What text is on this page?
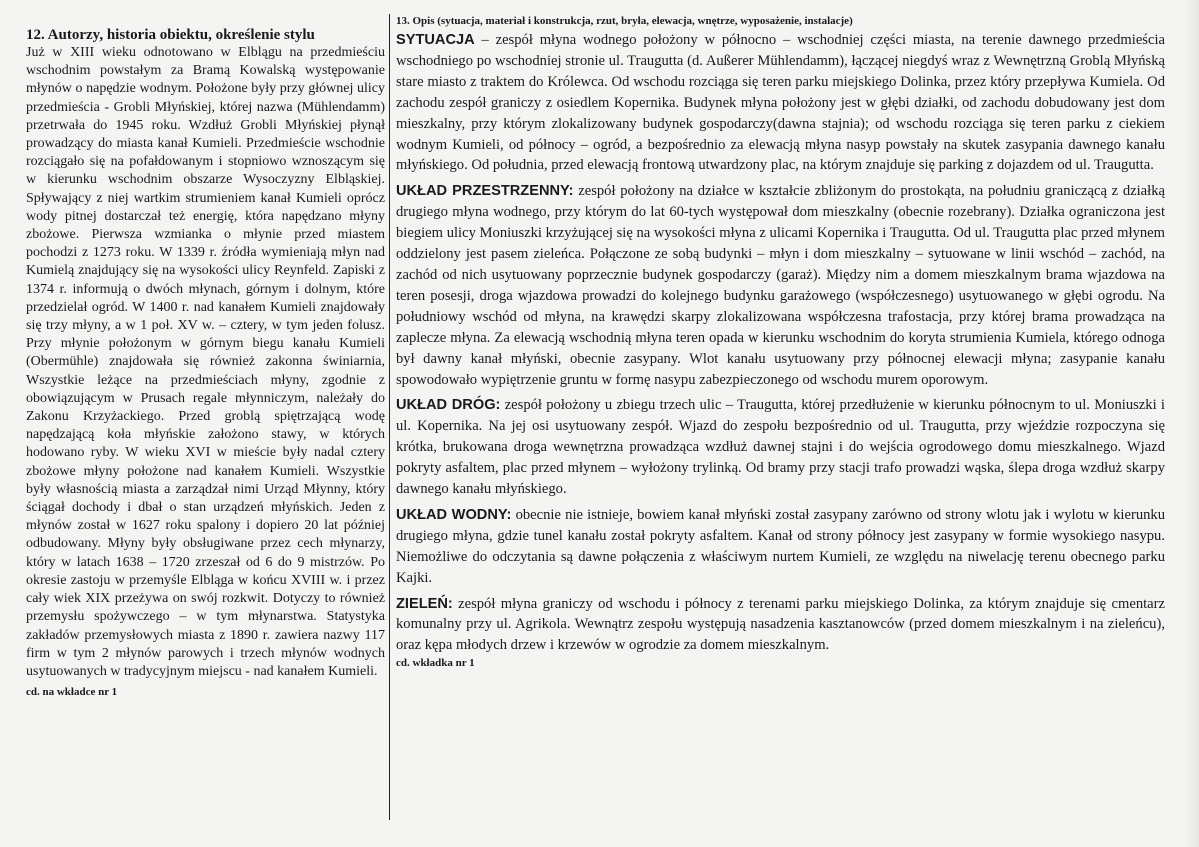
12. Autorzy, historia obiektu, określenie stylu
Już w XIII wieku odnotowano w Elblągu na przedmieściu wschodnim powstałym za Bramą Kowalską występowanie młynów o napędzie wodnym. Położone były przy głównej ulicy przedmieścia - Grobli Młyńskiej, której nazwa (Mühlendamm) przetrwała do 1945 roku. Wzdłuż Grobli Młyńskiej płynął prowadzący do miasta kanał Kumieli. Przedmieście wschodnie rozciągało się na pofałdowanym i stopniowo wznoszącym się w kierunku wschodnim obszarze Wysoczyzny Elbląskiej. Spływający z niej wartkim strumieniem kanał Kumieli oprócz wody pitnej dostarczał też energię, która napędzano młyny zbożowe. Pierwsza wzmianka o młynie przed miastem pochodzi z 1273 roku. W 1339 r. źródła wymieniają młyn nad Kumielą znajdujący się na wysokości ulicy Reynfeld. Zapiski z 1374 r. informują o dwóch młynach, górnym i dolnym, które przedzielał ogród. W 1400 r. nad kanałem Kumieli znajdowały się trzy młyny, a w 1 poł. XV w. – cztery, w tym jeden folusz. Przy młynie położonym w górnym biegu kanału Kumieli (Obermühle) znajdowała się również zakonna świniarnia, Wszystkie leżące na przedmieściach młyny, zgodnie z obowiązującym w Prusach regale młynniczym, należały do Zakonu Krzyżackiego. Przed groblą spiętrzającą wodę napędzającą koła młyńskie założono stawy, w których hodowano ryby. W wieku XVI w mieście były nadal cztery zbożowe młyny położone nad kanałem Kumieli. Wszystkie były własnością miasta a zarządzał nimi Urząd Młynny, który ściągał dochody i dbał o stan urządzeń młyńskich. Jeden z młynów został w 1627 roku spalony i dopiero 20 lat później odbudowany. Młyny były obsługiwane przez cech młynarzy, który w latach 1638 – 1720 zrzeszał od 6 do 9 mistrzów. Po okresie zastoju w przemyśle Elbląga w końcu XVIII w. i przez cały wiek XIX przeżywa on swój rozkwit. Dotyczy to również przemysłu spożywczego – w tym młynarstwa. Statystyka zakładów przemysłowych miasta z 1890 r. zawiera nazwy 117 firm w tym 2 młynów parowych i trzech młynów wodnych usytuowanych w tradycyjnym miejscu - nad kanałem Kumieli.
cd. na wkładce nr 1
13. Opis (sytuacja, materiał i konstrukcja, rzut, bryła, elewacja, wnętrze, wyposażenie, instalacje)

SYTUACJA – zespół młyna wodnego położony w północno – wschodniej części miasta, na terenie dawnego przedmieścia wschodniego po wschodniej stronie ul. Traugutta (d. Außerer Mühlendamm), łączącej niegdyś wraz z Wewnętrzną Groblą Młyńską stare miasto z traktem do Królewca. Od wschodu rozciąga się teren parku miejskiego Dolinka, przez który przepływa Kumiela. Od zachodu zespół graniczy z osiedlem Kopernika. Budynek młyna położony jest w głębi działki, od zachodu dobudowany jest dom mieszkalny, przy którym zlokalizowany budynek gospodarczy(dawna stajnia); od wschodu rozciąga się teren parku z ciekiem wodnym Kumieli, od północy – ogród, a bezpośrednio za elewacją młyna nasyp powstały na skutek zasypania dawnego kanału młyńskiego. Od południa, przed elewacją frontową utwardzony plac, na którym znajduje się parking z dojazdem od ul. Traugutta.

UKŁAD PRZESTRZENNY: zespół położony na działce w kształcie zbliżonym do prostokąta, na południu graniczącą z działką drugiego młyna wodnego, przy którym do lat 60-tych występował dom mieszkalny (obecnie rozebrany). Działka ograniczona jest biegiem ulicy Moniuszki krzyżującej się na wysokości młyna z ulicami Kopernika i Traugutta. Od ul. Traugutta plac przed młynem oddzielony jest pasem zieleńca. Połączone ze sobą budynki – młyn i dom mieszkalny – sytuowane w linii wschód – zachód, na zachód od nich usytuowany poprzecznie budynek gospodarczy (garaż). Między nim a domem mieszkalnym brama wjazdowa na teren posesji, droga wjazdowa prowadzi do kolejnego budynku garażowego (współczesnego) usytuowanego w głębi ogrodu. Na południowy wschód od młyna, na krawędzi skarpy zlokalizowana współczesna trafostacja, przy której brama prowadząca na zaplecze młyna. Za elewacją wschodnią młyna teren opada w kierunku wschodnim do koryta strumienia Kumiela, którego odnoga był dawny kanał młyński, obecnie zasypany. Wlot kanału usytuowany przy północnej elewacji młyna; zasypanie kanału spowodowało wypiętrzenie gruntu w formę nasypu zabezpieczonego od wschodu murem oporowym.

UKŁAD DRÓG: zespół położony u zbiegu trzech ulic – Traugutta, której przedłużenie w kierunku północnym to ul. Moniuszki i ul. Kopernika. Na jej osi usytuowany zespół. Wjazd do zespołu bezpośrednio od ul. Traugutta, przy wjeździe rozpoczyna się krótka, brukowana droga wewnętrzna prowadząca wzdłuż dawnej stajni i do wejścia ogrodowego domu mieszkalnego. Wjazd pokryty asfaltem, plac przed młynem – wyłożony trylinką. Od bramy przy stacji trafo prowadzi wąska, ślepa droga wzdłuż skarpy dawnego kanału młyńskiego.

UKŁAD WODNY: obecnie nie istnieje, bowiem kanał młyński został zasypany zarówno od strony wlotu jak i wylotu w kierunku drugiego młyna, gdzie tunel kanału został pokryty asfaltem. Kanał od strony północy jest zasypany w formie wysokiego nasypu. Niemożliwe do odczytania są dawne połączenia z właściwym nurtem Kumieli, ze względu na niwelację terenu obecnego parku Kajki.

ZIELEŃ: zespół młyna graniczy od wschodu i północy z terenami parku miejskiego Dolinka, za którym znajduje się cmentarz komunalny przy ul. Agrikola. Wewnątrz zespołu występują nasadzenia kasztanowców (przed domem mieszkalnym i na zieleńcu), oraz kępa młodych drzew i krzewów w ogrodzie za domem mieszkalnym.

cd. wkładka nr 1
